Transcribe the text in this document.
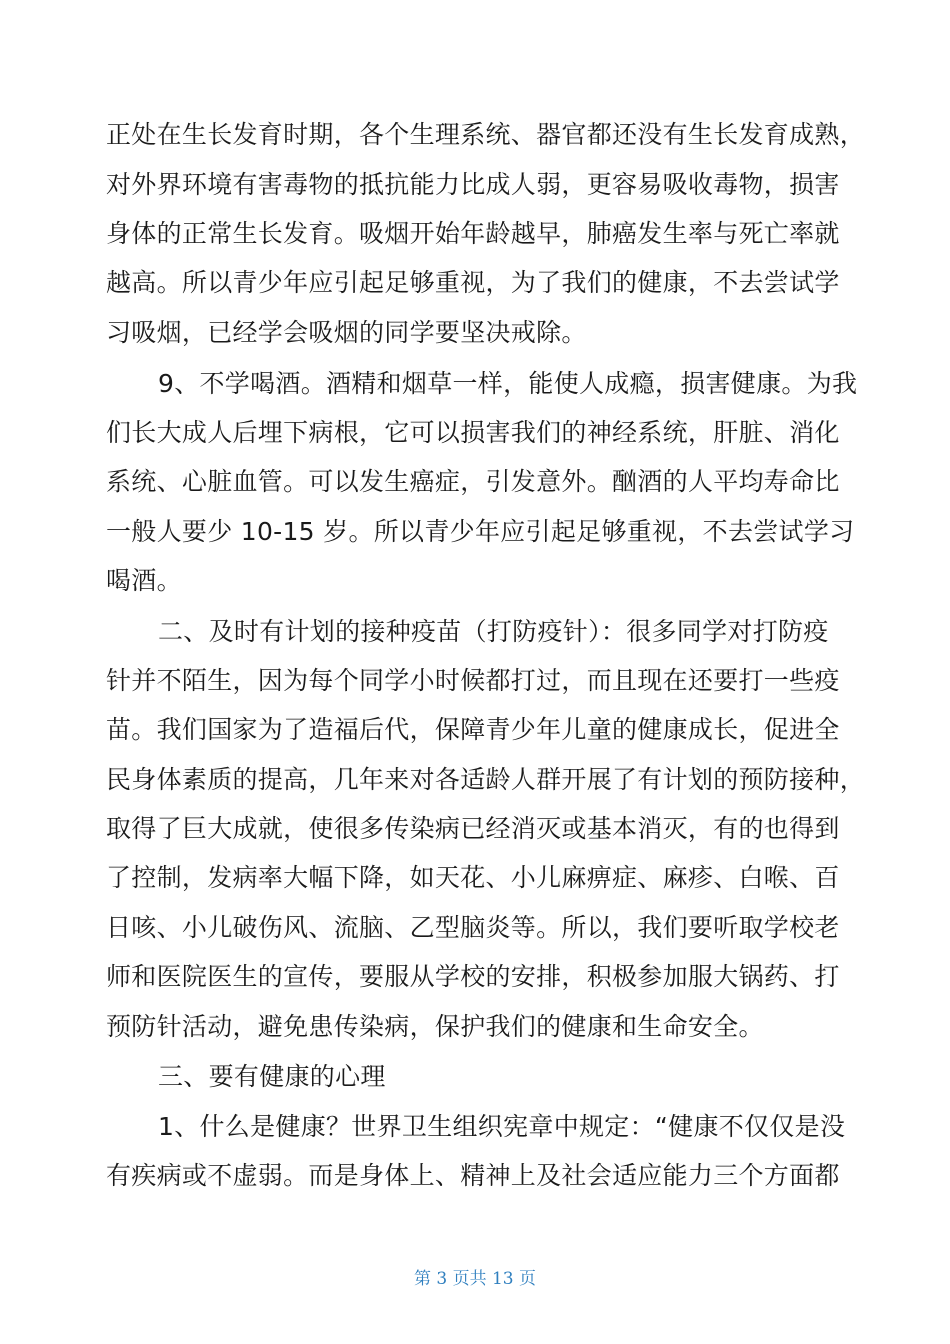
正处在生长发育时期，各个生理系统、器官都还没有生长发育成熟，
对外界环境有害毒物的抵抗能力比成人弱，更容易吸收毒物，损害
身体的正常生长发育。吸烟开始年龄越早，肺癌发生率与死亡率就
越高。所以青少年应引起足够重视，为了我们的健康，不去尝试学
习吸烟，已经学会吸烟的同学要坚决戒除。
9、不学喝酒。酒精和烟草一样，能使人成瘾，损害健康。为我
们长大成人后埋下病根，它可以损害我们的神经系统，肝脏、消化
系统、心脏血管。可以发生癌症，引发意外。酗酒的人平均寿命比
一般人要少 10-15 岁。所以青少年应引起足够重视，不去尝试学习
喝酒。
二、及时有计划的接种疫苗（打防疫针）：很多同学对打防疫
针并不陌生，因为每个同学小时候都打过，而且现在还要打一些疫
苗。我们国家为了造福后代，保障青少年儿童的健康成长，促进全
民身体素质的提高，几年来对各适龄人群开展了有计划的预防接种，
取得了巨大成就，使很多传染病已经消灭或基本消灭，有的也得到
了控制，发病率大幅下降，如天花、小儿麻痹症、麻疹、白喉、百
日咳、小儿破伤风、流脑、乙型脑炎等。所以，我们要听取学校老
师和医院医生的宣传，要服从学校的安排，积极参加服大锅药、打
预防针活动，避免患传染病，保护我们的健康和生命安全。
三、要有健康的心理
1、什么是健康？世界卫生组织宪章中规定：“健康不仅仅是没
有疾病或不虚弱。而是身体上、精神上及社会适应能力三个方面都
第 3 页共 13 页
